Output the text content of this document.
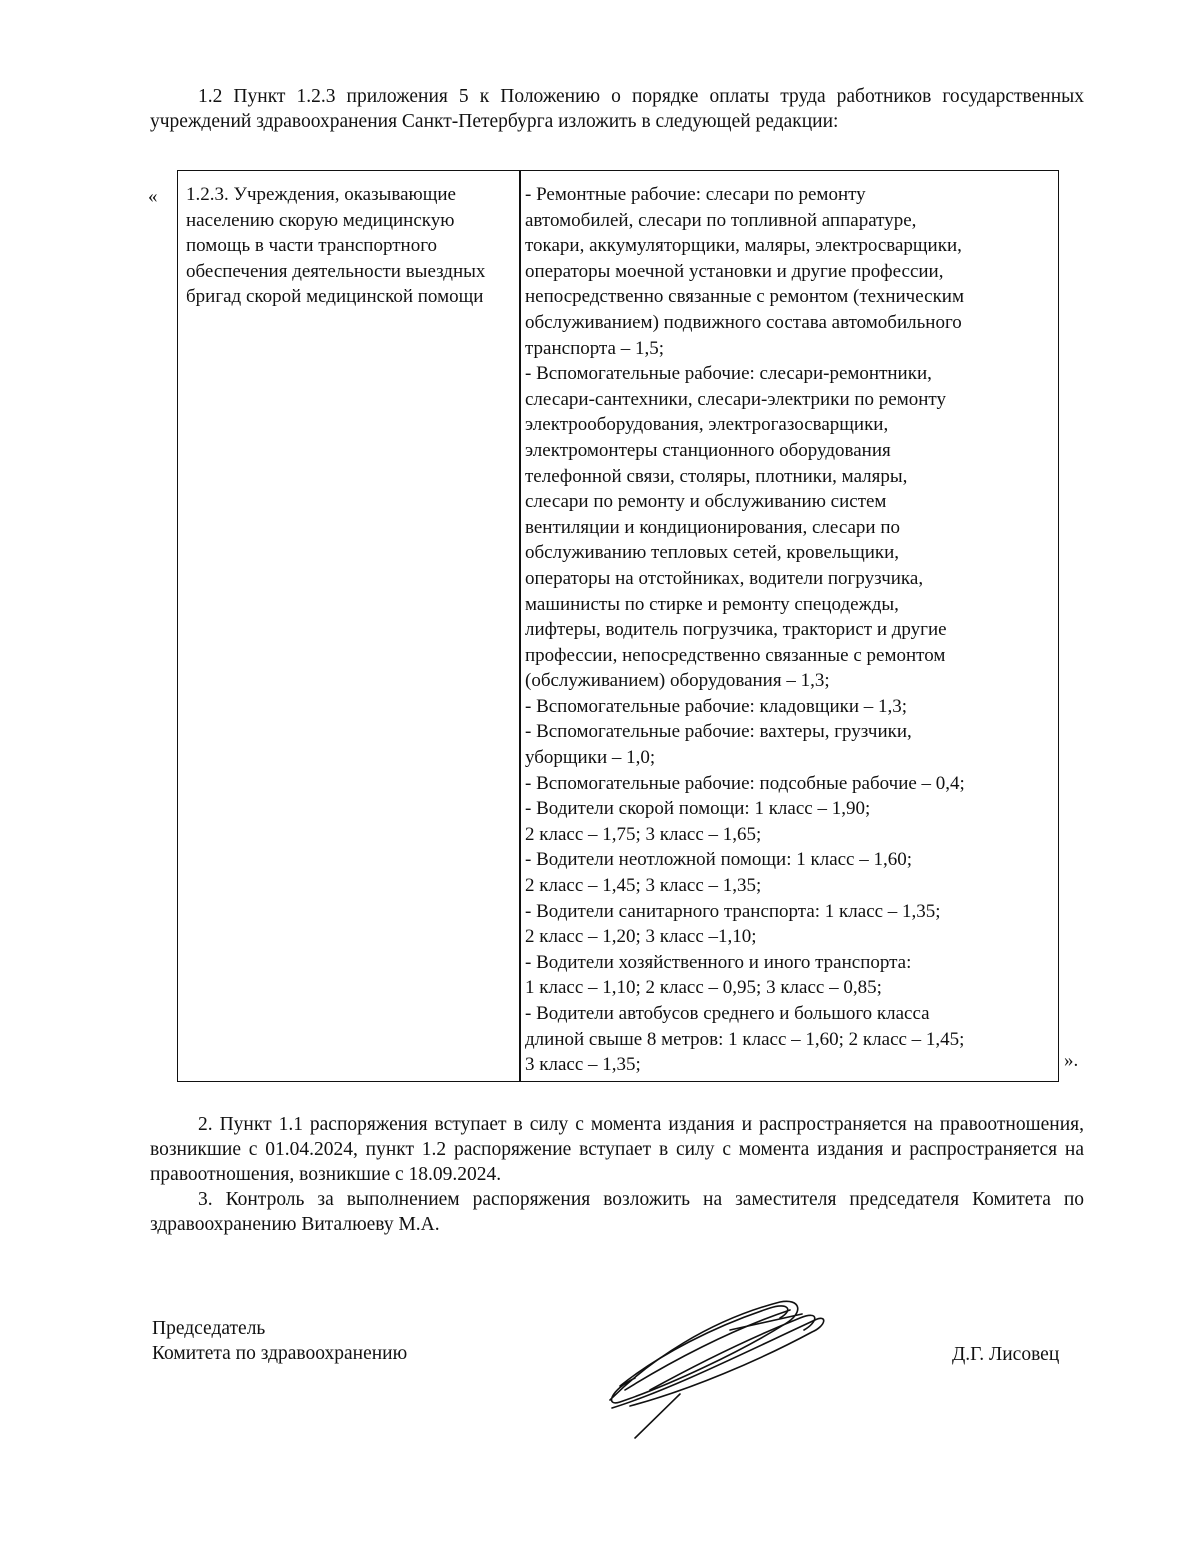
1.2 Пункт 1.2.3 приложения 5 к Положению о порядке оплаты труда работников государственных учреждений здравоохранения Санкт-Петербурга изложить в следующей редакции:

« 1.2.3. Учреждения, оказывающие населению скорую медицинскую помощь в части транспортного обеспечения деятельности выездных бригад скорой медицинской помощи
- Ремонтные рабочие: слесари по ремонту
автомобилей, слесари по топливной аппаратуре,
токари, аккумуляторщики, маляры, электросварщики,
операторы моечной установки и другие профессии,
непосредственно связанные с ремонтом (техническим
обслуживанием) подвижного состава автомобильного
транспорта – 1,5;
- Вспомогательные рабочие: слесари-ремонтники,
слесари-сантехники, слесари-электрики по ремонту
электрооборудования, электрогазосварщики,
электромонтеры станционного оборудования
телефонной связи, столяры, плотники, маляры,
слесари по ремонту и обслуживанию систем
вентиляции и кондиционирования, слесари по
обслуживанию тепловых сетей, кровельщики,
операторы на отстойниках, водители погрузчика,
машинисты по стирке и ремонту спецодежды,
лифтеры, водитель погрузчика, тракторист и другие
профессии, непосредственно связанные с ремонтом
(обслуживанием) оборудования – 1,3;
- Вспомогательные рабочие: кладовщики – 1,3;
- Вспомогательные рабочие: вахтеры, грузчики,
уборщики – 1,0;
- Вспомогательные рабочие: подсобные рабочие – 0,4;
- Водители скорой помощи: 1 класс – 1,90;
2 класс – 1,75; 3 класс – 1,65;
- Водители неотложной помощи: 1 класс – 1,60;
2 класс – 1,45; 3 класс – 1,35;
- Водители санитарного транспорта: 1 класс – 1,35;
2 класс – 1,20; 3 класс –1,10;
- Водители хозяйственного и иного транспорта:
1 класс – 1,10; 2 класс – 0,95; 3 класс – 0,85;
- Водители автобусов среднего и большого класса
длиной свыше 8 метров: 1 класс – 1,60; 2 класс – 1,45;
3 класс – 1,35;	».

2. Пункт 1.1 распоряжения вступает в силу с момента издания и распространяется на правоотношения, возникшие с 01.04.2024, пункт 1.2 распоряжение вступает в силу с момента издания и распространяется на правоотношения, возникшие с 18.09.2024.

3. Контроль за выполнением распоряжения возложить на заместителя председателя Комитета по здравоохранению Виталюеву М.А.

Председатель
Комитета по здравоохранению	Д.Г. Лисовец
